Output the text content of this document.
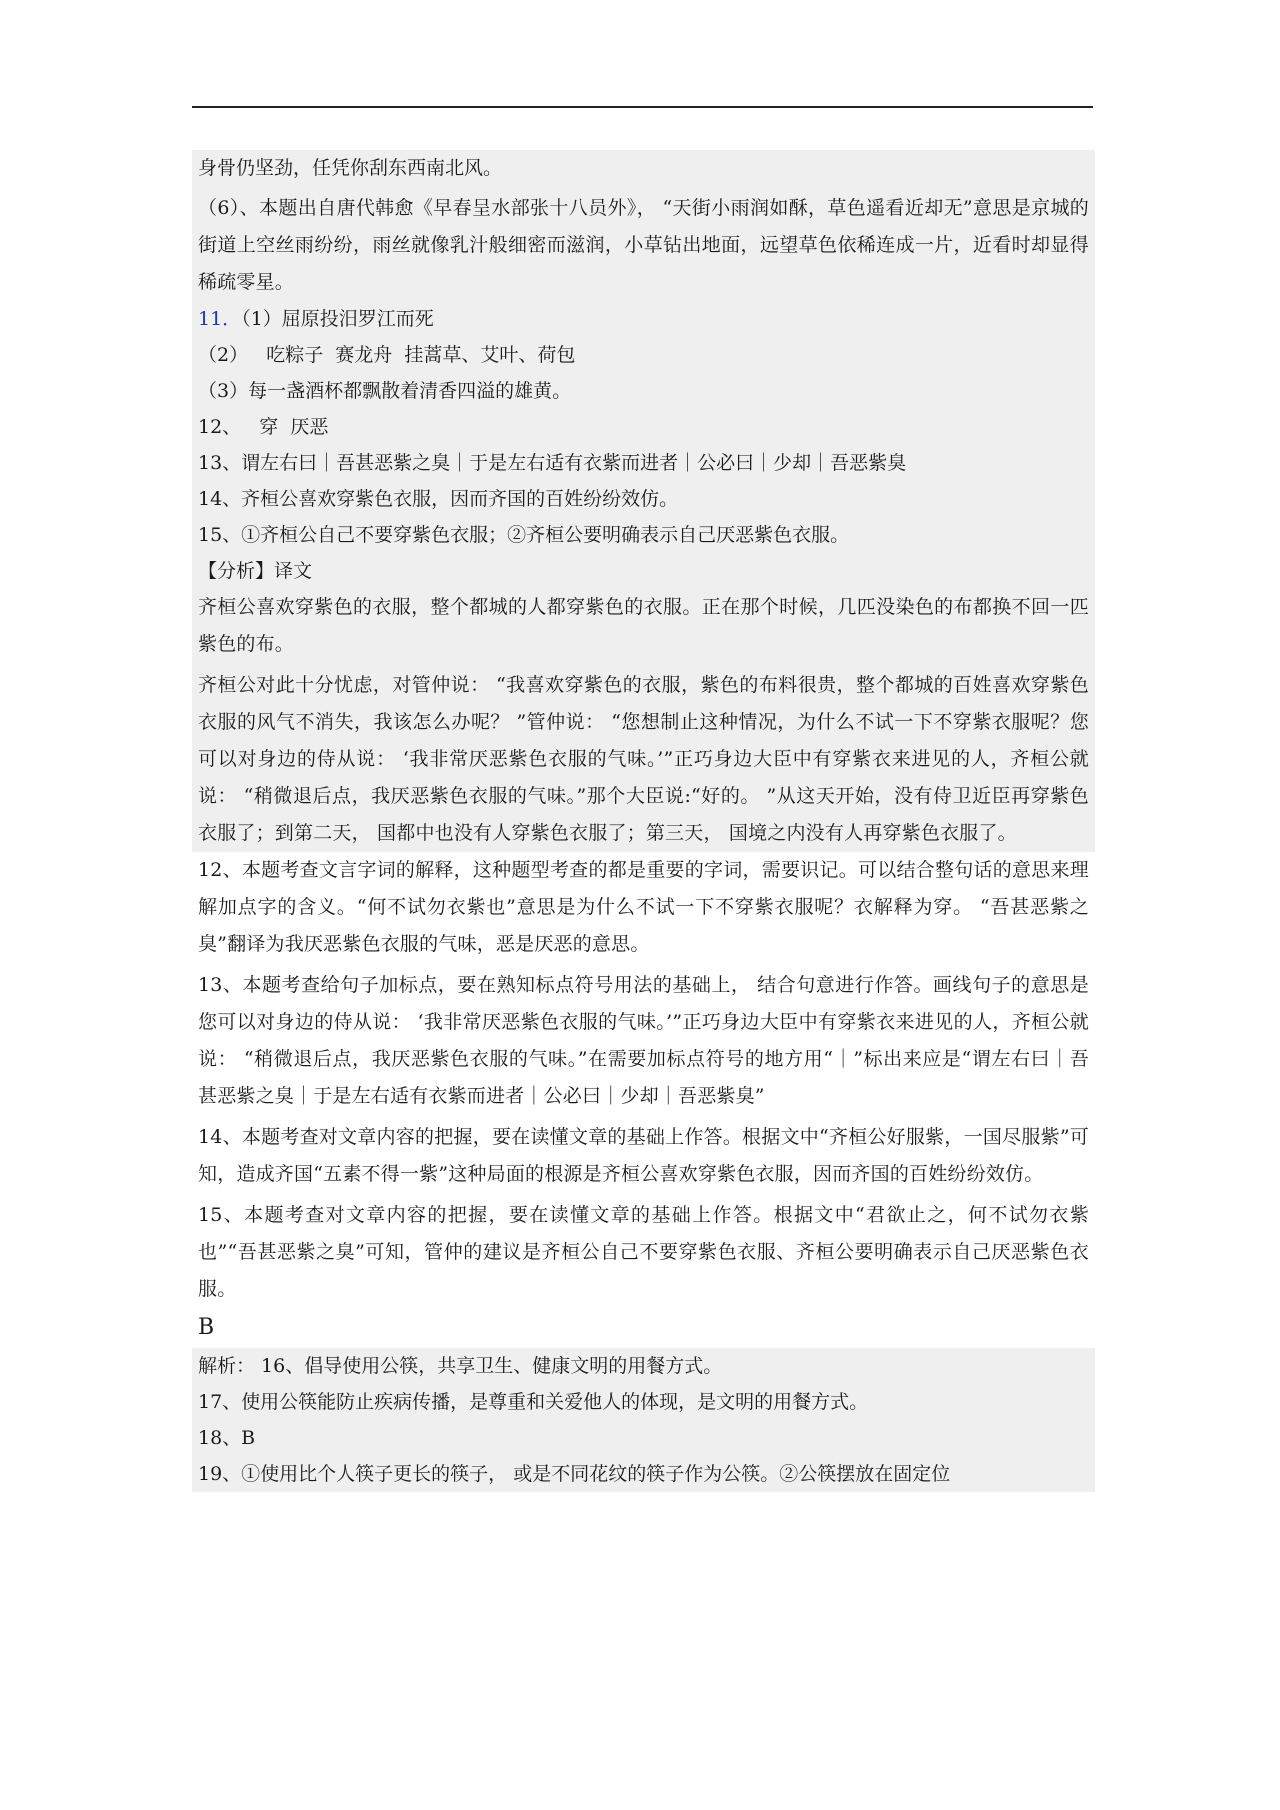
身骨仍坚劲，任凭你刮东西南北风。
（6）、本题出自唐代韩愈《早春呈水部张十八员外》， “天街小雨润如酥，草色遥看近却无”意思是京城的街道上空丝雨纷纷，雨丝就像乳汁般细密而滋润，小草钻出地面，远望草色依稀连成一片，近看时却显得稀疏零星。
11．（1）屈原投汨罗江而死
（2）   吃粽子  赛龙舟  挂蒿草、艾叶、荷包
（3）每一盏酒杯都飘散着清香四溢的雄黄。
12、   穿  厌恶
13、谓左右曰｜吾甚恶紫之臭｜于是左右适有衣紫而进者｜公必曰｜少却｜吾恶紫臭
14、齐桓公喜欢穿紫色衣服，因而齐国的百姓纷纷效仿。
15、①齐桓公自己不要穿紫色衣服；②齐桓公要明确表示自己厌恶紫色衣服。
【分析】译文
齐桓公喜欢穿紫色的衣服，整个都城的人都穿紫色的衣服。正在那个时候，几匹没染色的布都换不回一匹紫色的布。
齐桓公对此十分忧虑，对管仲说： “我喜欢穿紫色的衣服，紫色的布料很贵，整个都城的百姓喜欢穿紫色衣服的风气不消失，我该怎么办呢？ ”管仲说： “您想制止这种情况，为什么不试一下不穿紫衣服呢？您可以对身边的侍从说： ‘我非常厌恶紫色衣服的气味。’”正巧身边大臣中有穿紫衣来进见的人，齐桓公就说： “稍微退后点，我厌恶紫色衣服的气味。”那个大臣说:“好的。 ”从这天开始，没有侍卫近臣再穿紫色衣服了；到第二天， 国都中也没有人穿紫色衣服了；第三天， 国境之内没有人再穿紫色衣服了。
12、本题考查文言字词的解释，这种题型考查的都是重要的字词，需要识记。可以结合整句话的意思来理解加点字的含义。“何不试勿衣紫也”意思是为什么不试一下不穿紫衣服呢？衣解释为穿。 “吾甚恶紫之臭”翻译为我厌恶紫色衣服的气味，恶是厌恶的意思。
13、本题考查给句子加标点，要在熟知标点符号用法的基础上， 结合句意进行作答。画线句子的意思是您可以对身边的侍从说： ‘我非常厌恶紫色衣服的气味。’”正巧身边大臣中有穿紫衣来进见的人，齐桓公就说： “稍微退后点，我厌恶紫色衣服的气味。”在需要加标点符号的地方用“｜”标出来应是“谓左右曰｜吾甚恶紫之臭｜于是左右适有衣紫而进者｜公必曰｜少却｜吾恶紫臭”
14、本题考查对文章内容的把握，要在读懂文章的基础上作答。根据文中“齐桓公好服紫，一国尽服紫”可知，造成齐国“五素不得一紫”这种局面的根源是齐桓公喜欢穿紫色衣服，因而齐国的百姓纷纷效仿。
15、本题考查对文章内容的把握，要在读懂文章的基础上作答。根据文中“君欲止之，何不试勿衣紫也”“吾甚恶紫之臭”可知，管仲的建议是齐桓公自己不要穿紫色衣服、齐桓公要明确表示自己厌恶紫色衣服。
B
解析： 16、倡导使用公筷，共享卫生、健康文明的用餐方式。
17、使用公筷能防止疾病传播，是尊重和关爱他人的体现，是文明的用餐方式。
18、B
19、①使用比个人筷子更长的筷子， 或是不同花纹的筷子作为公筷。②公筷摆放在固定位
